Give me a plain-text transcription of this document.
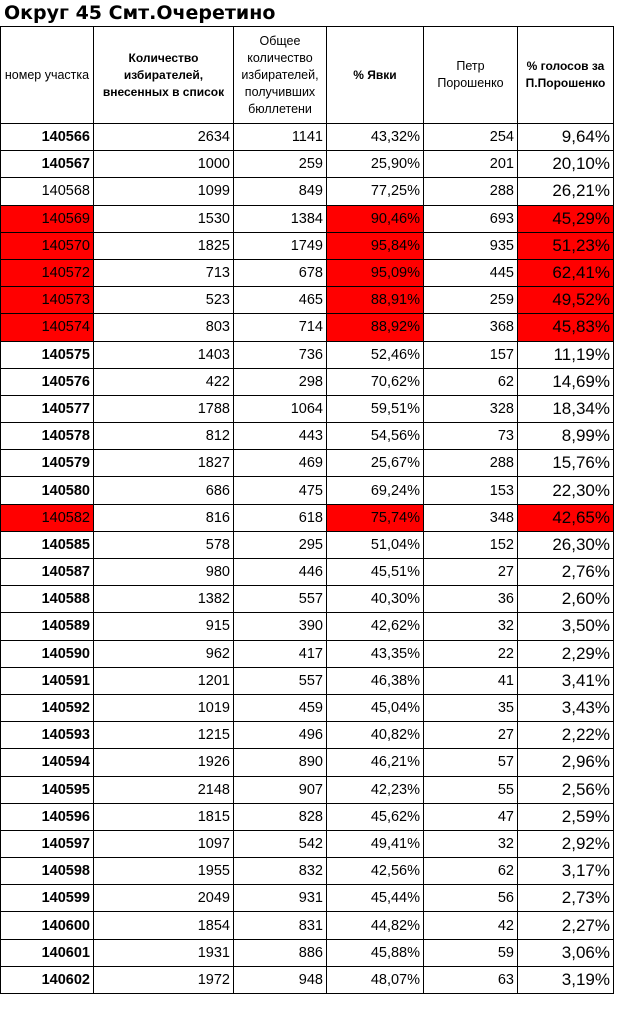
Округ 45 Смт.Очеретино
номер участка	Количество избирателей, внесенных в список	Общее количество избирателей, получивших бюллетени	% Явки	Петр Порошенко	% голосов за П.Порошенко
140566	2634	1141	43,32%	254	9,64%
140567	1000	259	25,90%	201	20,10%
140568	1099	849	77,25%	288	26,21%
140569	1530	1384	90,46%	693	45,29%
140570	1825	1749	95,84%	935	51,23%
140572	713	678	95,09%	445	62,41%
140573	523	465	88,91%	259	49,52%
140574	803	714	88,92%	368	45,83%
140575	1403	736	52,46%	157	11,19%
140576	422	298	70,62%	62	14,69%
140577	1788	1064	59,51%	328	18,34%
140578	812	443	54,56%	73	8,99%
140579	1827	469	25,67%	288	15,76%
140580	686	475	69,24%	153	22,30%
140582	816	618	75,74%	348	42,65%
140585	578	295	51,04%	152	26,30%
140587	980	446	45,51%	27	2,76%
140588	1382	557	40,30%	36	2,60%
140589	915	390	42,62%	32	3,50%
140590	962	417	43,35%	22	2,29%
140591	1201	557	46,38%	41	3,41%
140592	1019	459	45,04%	35	3,43%
140593	1215	496	40,82%	27	2,22%
140594	1926	890	46,21%	57	2,96%
140595	2148	907	42,23%	55	2,56%
140596	1815	828	45,62%	47	2,59%
140597	1097	542	49,41%	32	2,92%
140598	1955	832	42,56%	62	3,17%
140599	2049	931	45,44%	56	2,73%
140600	1854	831	44,82%	42	2,27%
140601	1931	886	45,88%	59	3,06%
140602	1972	948	48,07%	63	3,19%
